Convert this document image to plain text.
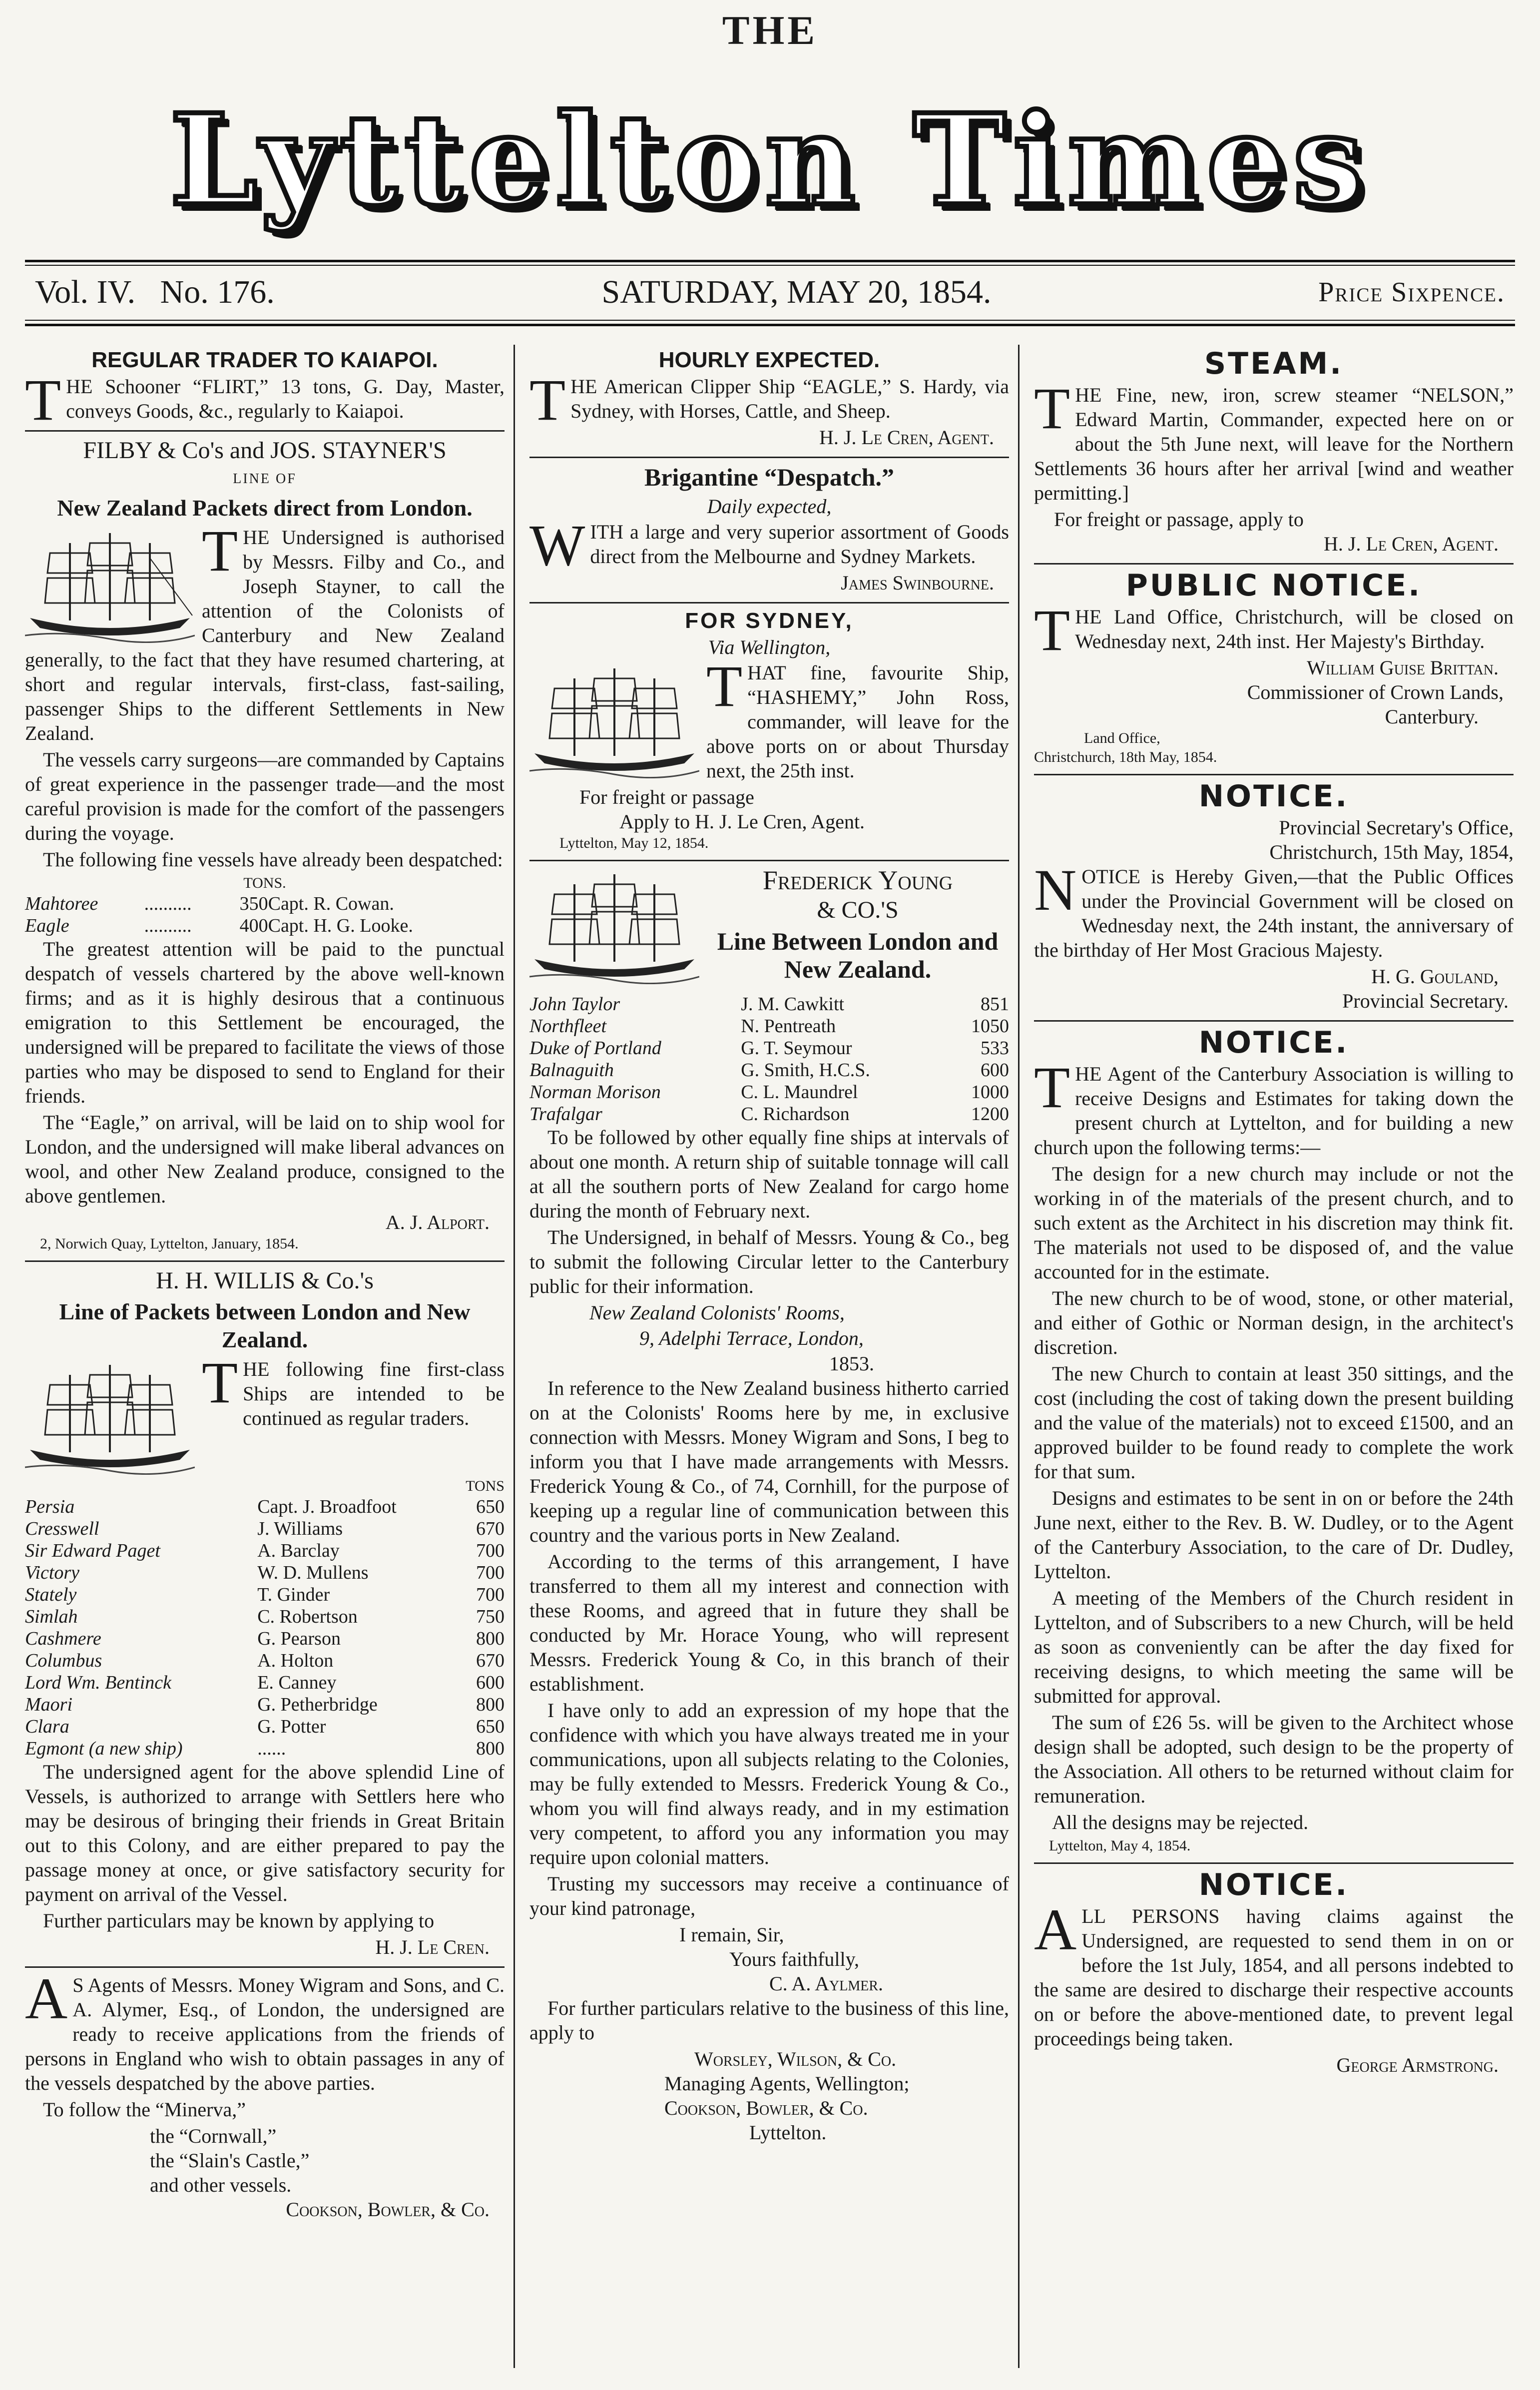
THE
Lyttelton Times
Vol. IV. No. 176.	SATURDAY, MAY 20, 1854.	Price Sixpence.
REGULAR TRADER TO KAIAPOI.

THE Schooner “FLIRT,” 13 tons, G. Day, Master, conveys Goods, &c., regularly to Kaiapoi.

FILBY & Co's and JOS. STAYNER'S
LINE OF
New Zealand Packets direct from London.

THE Undersigned is authorised by Messrs. Filby and Co., and Joseph Stayner, to call the attention of the Colonists of Canterbury and New Zealand generally, to the fact that they have resumed chartering, at short and regular intervals, first-class, fast-sailing, passenger Ships to the different Settlements in New Zealand.

The vessels carry surgeons—are commanded by Captains of great experience in the passenger trade—and the most careful provision is made for the comfort of the passengers during the voyage.

The following fine vessels have already been despatched:

TONS.
Mahtoree	..........	350	Capt. R. Cowan.
Eagle	..........	400	Capt. H. G. Looke.

The greatest attention will be paid to the punctual despatch of vessels chartered by the above well-known firms; and as it is highly desirous that a continuous emigration to this Settlement be encouraged, the undersigned will be prepared to facilitate the views of those parties who may be disposed to send to England for their friends.

The “Eagle,” on arrival, will be laid on to ship wool for London, and the undersigned will make liberal advances on wool, and other New Zealand produce, consigned to the above gentlemen.

A. J. Alport.
2, Norwich Quay, Lyttelton, January, 1854.
H. H. WILLIS & Co.'s
Line of Packets between London and New Zealand.

THE following fine first-class Ships are intended to be continued as regular traders.

TONS
Persia	Capt. J. Broadfoot	650
Cresswell	J. Williams	670
Sir Edward Paget	A. Barclay	700
Victory	W. D. Mullens	700
Stately	T. Ginder	700
Simlah	C. Robertson	750
Cashmere	G. Pearson	800
Columbus	A. Holton	670
Lord Wm. Bentinck	E. Canney	600
Maori	G. Petherbridge	800
Clara	G. Potter	650
Egmont (a new ship)	......	800

The undersigned agent for the above splendid Line of Vessels, is authorized to arrange with Settlers here who may be desirous of bringing their friends in Great Britain out to this Colony, and are either prepared to pay the passage money at once, or give satisfactory security for payment on arrival of the Vessel.

Further particulars may be known by applying to

H. J. Le Cren.

A S Agents of Messrs. Money Wigram and Sons, and C. A. Alymer, Esq., of London, the undersigned are ready to receive applications from the friends of persons in England who wish to obtain passages in any of the vessels despatched by the above parties.

To follow the “Minerva,”

the “Cornwall,”
the “Slain's Castle,”
and other vessels.
Cookson, Bowler, & Co.
HOURLY EXPECTED.

THE American Clipper Ship “EAGLE,” S. Hardy, via Sydney, with Horses, Cattle, and Sheep.

H. J. Le Cren, Agent.
Brigantine “Despatch.”
Daily expected,

WITH a large and very superior assortment of Goods direct from the Melbourne and Sydney Markets.

James Swinbourne.
FOR SYDNEY,
Via Wellington,

THAT fine, favourite Ship, “HASHEMY,” John Ross, commander, will leave for the above ports on or about Thursday next, the 25th inst.

For freight or passage
Apply to H. J. Le Cren, Agent.
Lyttelton, May 12, 1854.
Frederick Young
& CO.'S
Line Between London and New Zealand.
John Taylor	J. M. Cawkitt	851
Northfleet	N. Pentreath	1050
Duke of Portland	G. T. Seymour	533
Balnaguith	G. Smith, H.C.S.	600
Norman Morison	C. L. Maundrel	1000
Trafalgar	C. Richardson	1200

To be followed by other equally fine ships at intervals of about one month. A return ship of suitable tonnage will call at all the southern ports of New Zealand for cargo home during the month of February next.

The Undersigned, in behalf of Messrs. Young & Co., beg to submit the following Circular letter to the Canterbury public for their information.

New Zealand Colonists' Rooms,
9, Adelphi Terrace, London,
1853.

In reference to the New Zealand business hitherto carried on at the Colonists' Rooms here by me, in exclusive connection with Messrs. Money Wigram and Sons, I beg to inform you that I have made arrangements with Messrs. Frederick Young & Co., of 74, Cornhill, for the purpose of keeping up a regular line of communication between this country and the various ports in New Zealand.

According to the terms of this arrangement, I have transferred to them all my interest and connection with these Rooms, and agreed that in future they shall be conducted by Mr. Horace Young, who will represent Messrs. Frederick Young & Co, in this branch of their establishment.

I have only to add an expression of my hope that the confidence with which you have always treated me in your communications, upon all subjects relating to the Colonies, may be fully extended to Messrs. Frederick Young & Co., whom you will find always ready, and in my estimation very competent, to afford you any information you may require upon colonial matters.

Trusting my successors may receive a continuance of your kind patronage,

I remain, Sir,
Yours faithfully,
C. A. Aylmer.

For further particulars relative to the business of this line, apply to

Worsley, Wilson, & Co.
Managing Agents, Wellington;
Cookson, Bowler, & Co.
Lyttelton.
STEAM.

THE Fine, new, iron, screw steamer “NELSON,” Edward Martin, Commander, expected here on or about the 5th June next, will leave for the Northern Settlements 36 hours after her arrival [wind and weather permitting.]

For freight or passage, apply to
H. J. Le Cren, Agent.
PUBLIC NOTICE.

THE Land Office, Christchurch, will be closed on Wednesday next, 24th inst. Her Majesty's Birthday.

William Guise Brittan.
Commissioner of Crown Lands,
Canterbury.
Land Office,
Christchurch, 18th May, 1854.
NOTICE.
Provincial Secretary's Office,
Christchurch, 15th May, 1854,

NOTICE is Hereby Given,—that the Public Offices under the Provincial Government will be closed on Wednesday next, the 24th instant, the anniversary of the birthday of Her Most Gracious Majesty.

H. G. Gouland,
Provincial Secretary.
NOTICE.

THE Agent of the Canterbury Association is willing to receive Designs and Estimates for taking down the present church at Lyttelton, and for building a new church upon the following terms:—

The design for a new church may include or not the working in of the materials of the present church, and to such extent as the Architect in his discretion may think fit. The materials not used to be disposed of, and the value accounted for in the estimate.

The new church to be of wood, stone, or other material, and either of Gothic or Norman design, in the architect's discretion.

The new Church to contain at least 350 sittings, and the cost (including the cost of taking down the present building and the value of the materials) not to exceed £1500, and an approved builder to be found ready to complete the work for that sum.

Designs and estimates to be sent in on or before the 24th June next, either to the Rev. B. W. Dudley, or to the Agent of the Canterbury Association, to the care of Dr. Dudley, Lyttelton.

A meeting of the Members of the Church resident in Lyttelton, and of Subscribers to a new Church, will be held as soon as conveniently can be after the day fixed for receiving designs, to which meeting the same will be submitted for approval.

The sum of £26 5s. will be given to the Architect whose design shall be adopted, such design to be the property of the Association. All others to be returned without claim for remuneration.

All the designs may be rejected.

Lyttelton, May 4, 1854.
NOTICE.

ALL PERSONS having claims against the Undersigned, are requested to send them in on or before the 1st July, 1854, and all persons indebted to the same are desired to discharge their respective accounts on or before the above-mentioned date, to prevent legal proceedings being taken.

George Armstrong.
